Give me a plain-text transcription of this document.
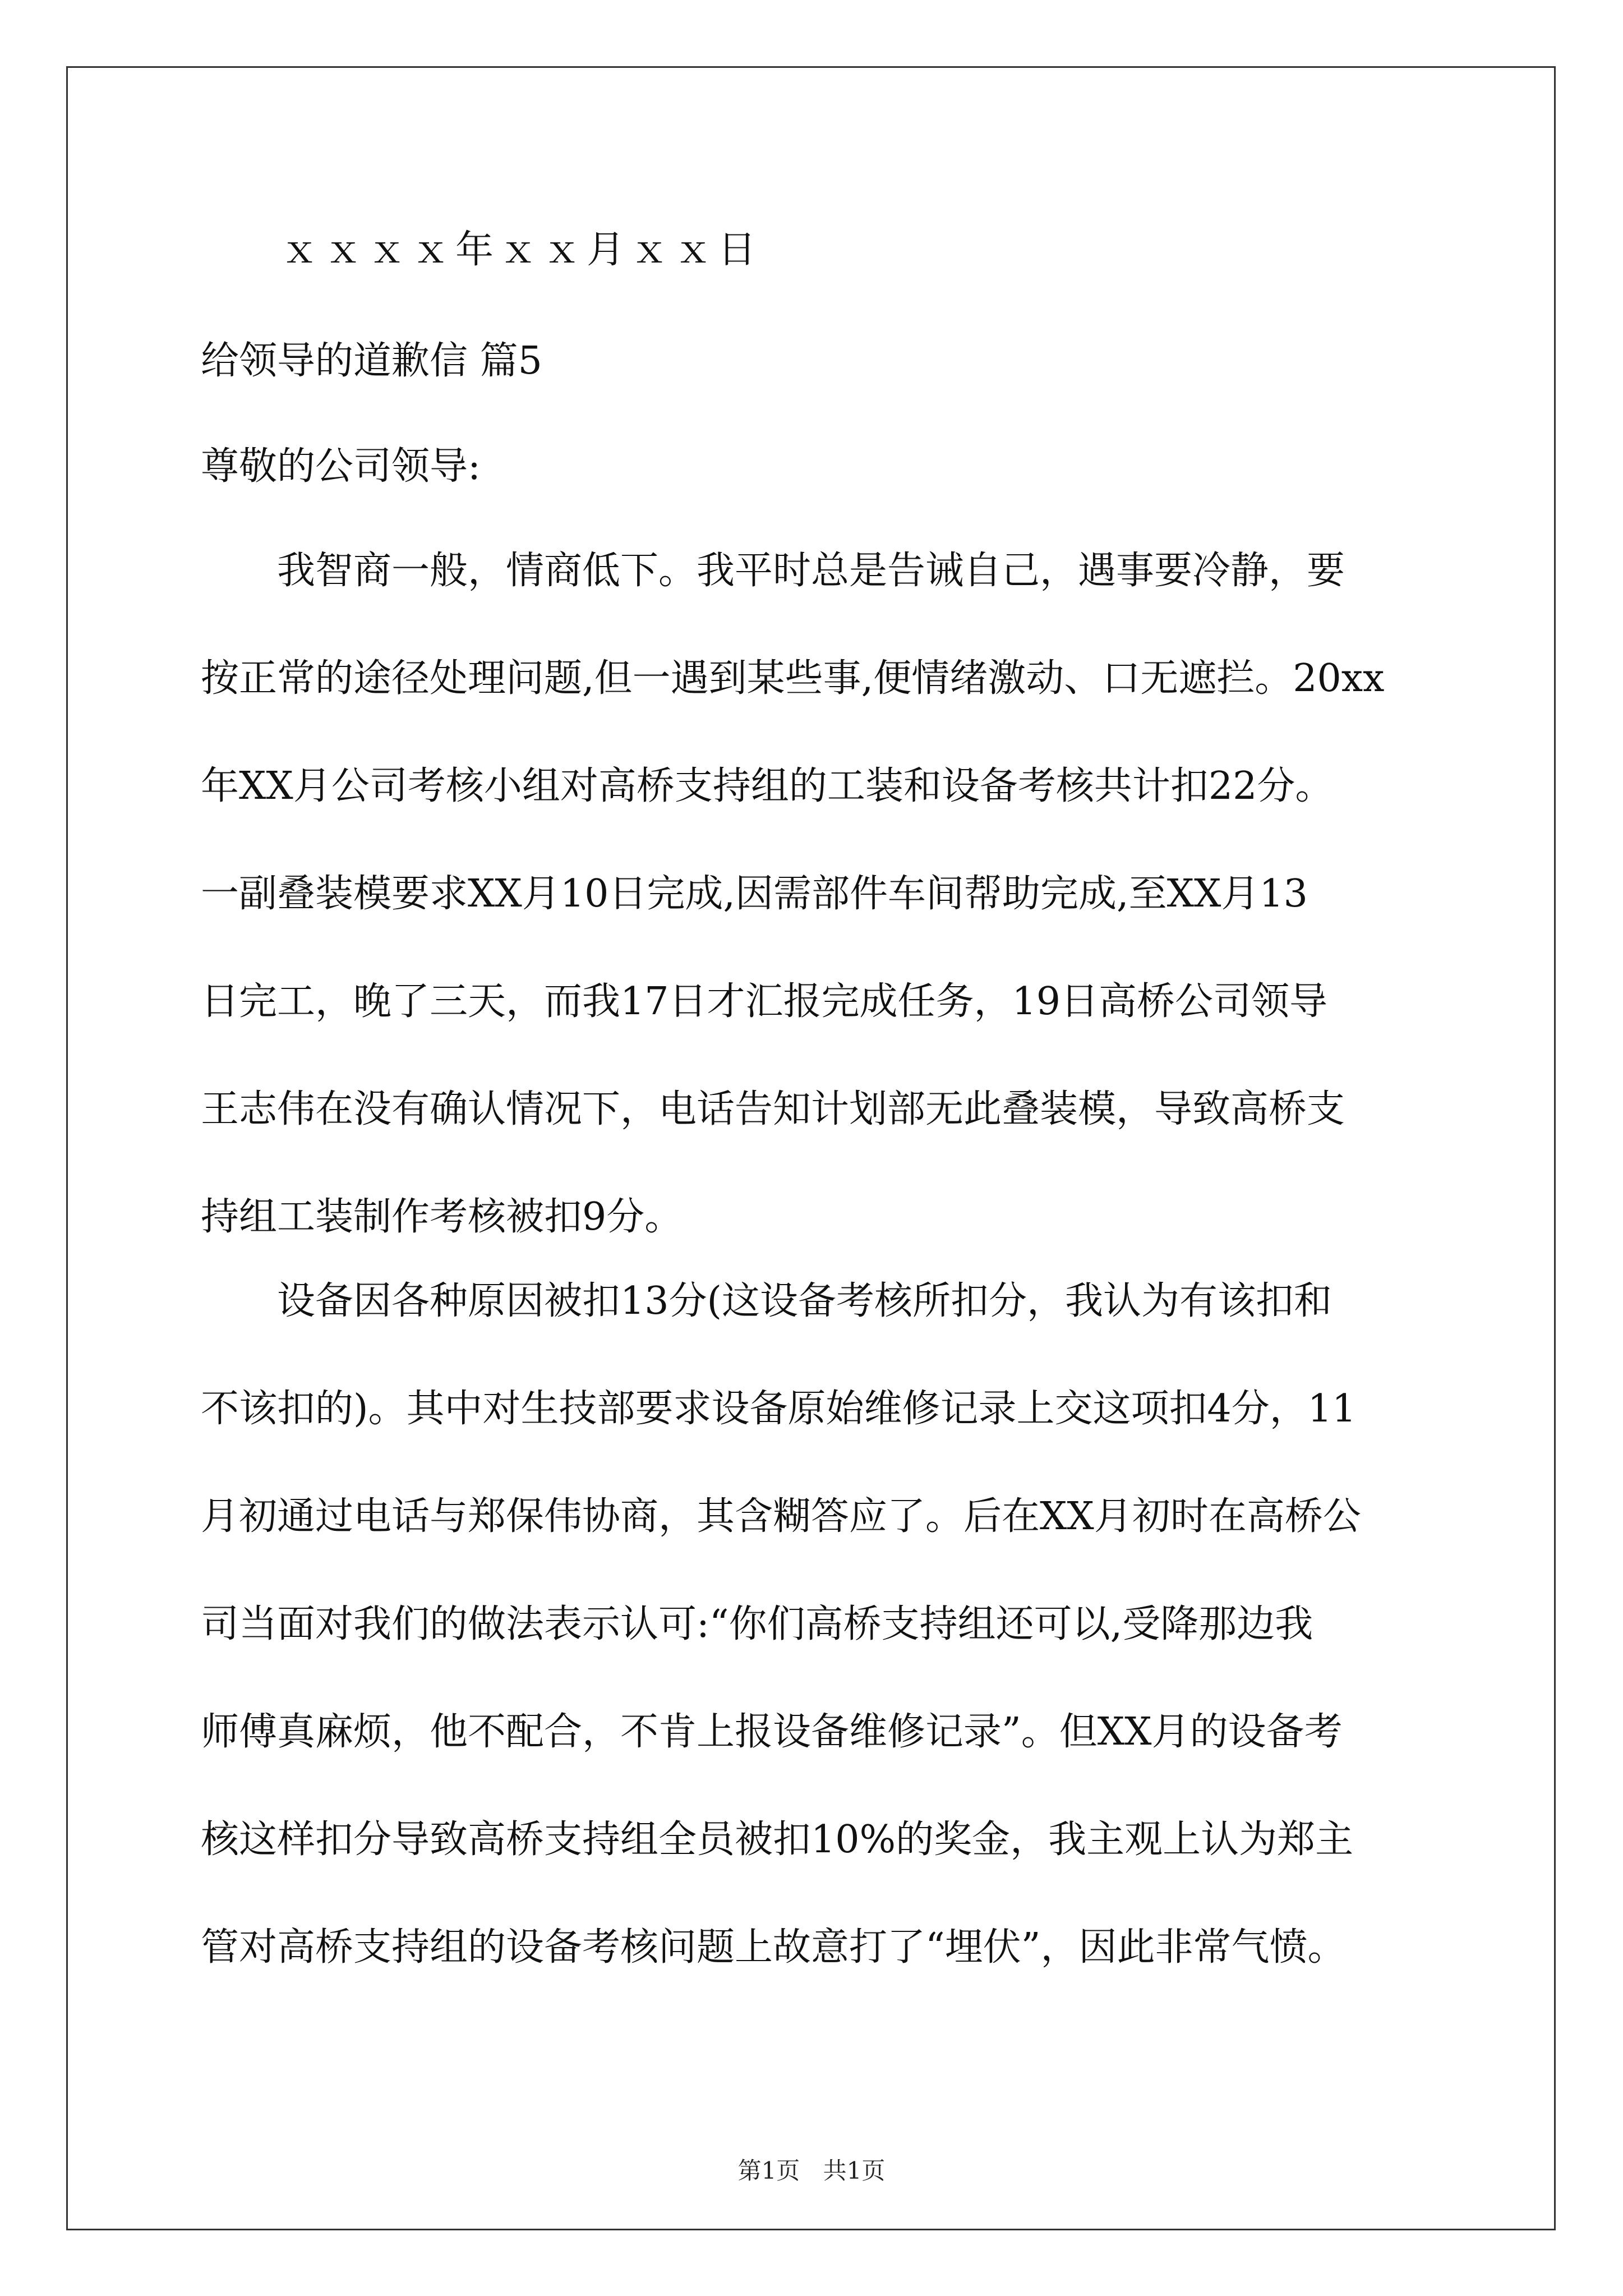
ｘｘｘｘ年ｘｘ月ｘｘ日
给领导的道歉信 篇5
尊敬的公司领导:
　　我智商一般，情商低下。我平时总是告诫自己，遇事要冷静，要
按正常的途径处理问题,但一遇到某些事,便情绪激动、口无遮拦。20xx
年XX月公司考核小组对高桥支持组的工装和设备考核共计扣22分。
一副叠装模要求XX月10日完成,因需部件车间帮助完成,至XX月13
日完工，晚了三天，而我17日才汇报完成任务，19日高桥公司领导
王志伟在没有确认情况下，电话告知计划部无此叠装模，导致高桥支
持组工装制作考核被扣9分。
　　设备因各种原因被扣13分(这设备考核所扣分，我认为有该扣和
不该扣的)。其中对生技部要求设备原始维修记录上交这项扣4分，11
月初通过电话与郑保伟协商，其含糊答应了。后在XX月初时在高桥公
司当面对我们的做法表示认可:“你们高桥支持组还可以,受降那边我
师傅真麻烦，他不配合，不肯上报设备维修记录”。但XX月的设备考
核这样扣分导致高桥支持组全员被扣10%的奖金，我主观上认为郑主
管对高桥支持组的设备考核问题上故意打了“埋伏”，因此非常气愤。
第1页 共1页
